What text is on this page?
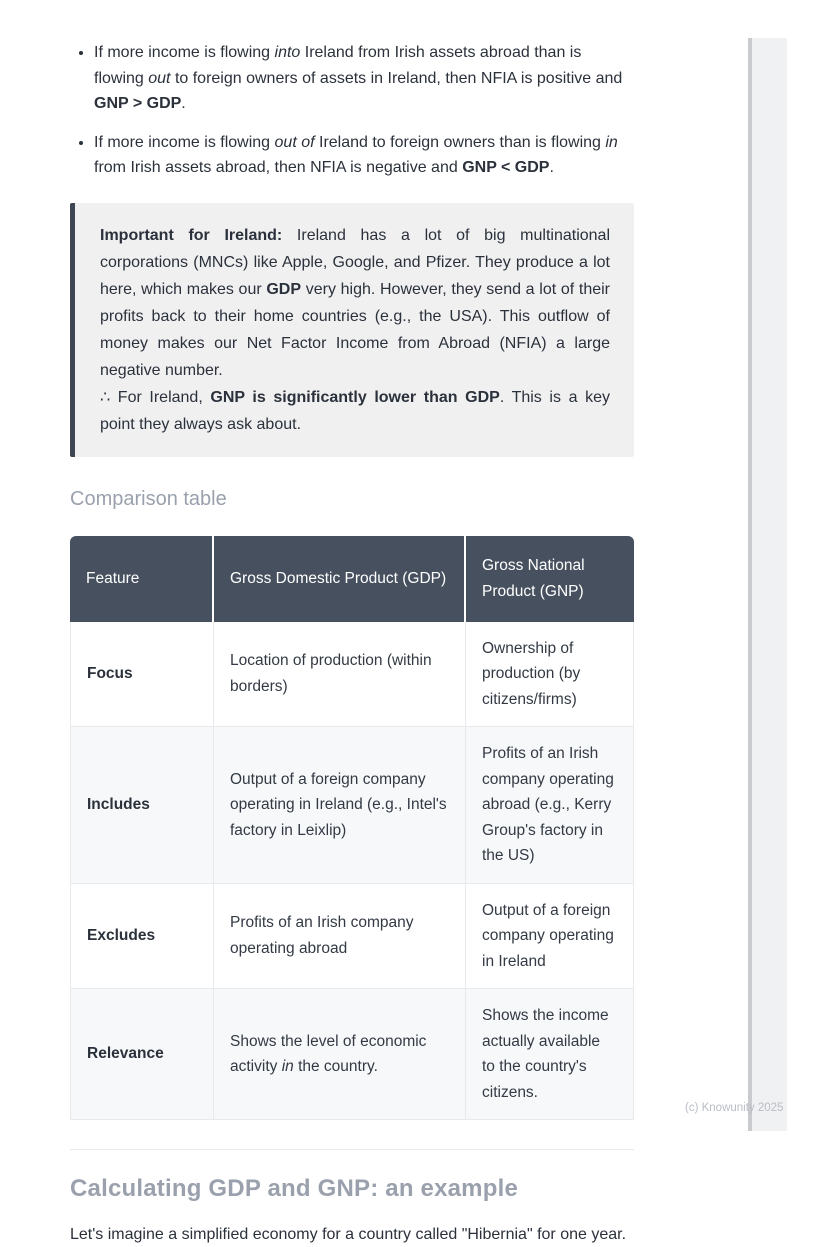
• If more income is flowing into Ireland from Irish assets abroad than is flowing out to foreign owners of assets in Ireland, then NFIA is positive and GNP > GDP.
• If more income is flowing out of Ireland to foreign owners than is flowing in from Irish assets abroad, then NFIA is negative and GNP < GDP.
Important for Ireland: Ireland has a lot of big multinational corporations (MNCs) like Apple, Google, and Pfizer. They produce a lot here, which makes our GDP very high. However, they send a lot of their profits back to their home countries (e.g., the USA). This outflow of money makes our Net Factor Income from Abroad (NFIA) a large negative number.
∴ For Ireland, GNP is significantly lower than GDP. This is a key point they always ask about.
Comparison table
Feature	Gross Domestic Product (GDP)	Gross National Product (GNP)
Focus	Location of production (within borders)	Ownership of production (by citizens/firms)
Includes	Output of a foreign company operating in Ireland (e.g., Intel's factory in Leixlip)	Profits of an Irish company operating abroad (e.g., Kerry Group's factory in the US)
Excludes	Profits of an Irish company operating abroad	Output of a foreign company operating in Ireland
Relevance	Shows the level of economic activity in the country.	Shows the income actually available to the country's citizens.
Calculating GDP and GNP: an example

Let's imagine a simplified economy for a country called "Hibernia" for one year.

(c) Knowunity 2025
